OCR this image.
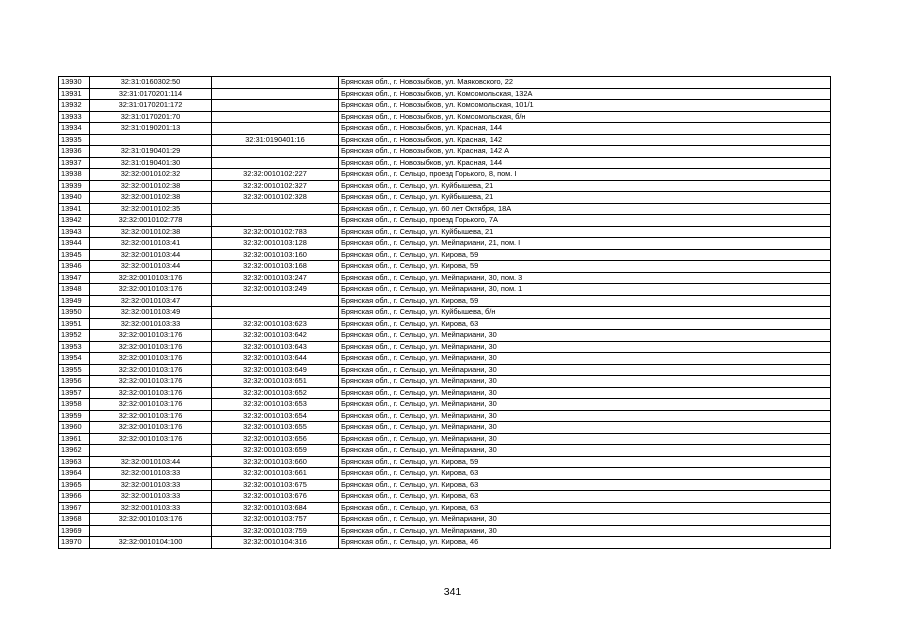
13930	32:31:0160302:50		Брянская обл., г. Новозыбков, ул. Маяковского, 22
13931	32:31:0170201:114		Брянская обл., г. Новозыбков, ул. Комсомольская, 132А
13932	32:31:0170201:172		Брянская обл., г. Новозыбков, ул. Комсомольская, 101/1
13933	32:31:0170201:70		Брянская обл., г. Новозыбков, ул. Комсомольская, б/н
13934	32:31:0190201:13		Брянская обл., г. Новозыбков, ул. Красная, 144
13935		32:31:0190401:16	Брянская обл., г. Новозыбков, ул. Красная, 142
13936	32:31:0190401:29		Брянская обл., г. Новозыбков, ул. Красная, 142 А
13937	32:31:0190401:30		Брянская обл., г. Новозыбков, ул. Красная, 144
13938	32:32:0010102:32	32:32:0010102:227	Брянская обл., г. Сельцо, проезд Горького, 8, пом. I
13939	32:32:0010102:38	32:32:0010102:327	Брянская обл., г. Сельцо, ул. Куйбышева, 21
13940	32:32:0010102:38	32:32:0010102:328	Брянская обл., г. Сельцо, ул. Куйбышева, 21
13941	32:32:0010102:35		Брянская обл., г. Сельцо, ул. 60 лет Октября, 18А
13942	32:32:0010102:778		Брянская обл., г. Сельцо, проезд Горького, 7А
13943	32:32:0010102:38	32:32:0010102:783	Брянская обл., г. Сельцо, ул. Куйбышева, 21
13944	32:32:0010103:41	32:32:0010103:128	Брянская обл., г. Сельцо, ул. Мейпариани, 21, пом. I
13945	32:32:0010103:44	32:32:0010103:160	Брянская обл., г. Сельцо, ул. Кирова, 59
13946	32:32:0010103:44	32:32:0010103:168	Брянская обл., г. Сельцо, ул. Кирова, 59
13947	32:32:0010103:176	32:32:0010103:247	Брянская обл., г. Сельцо, ул. Мейпариани, 30, пом. 3
13948	32:32:0010103:176	32:32:0010103:249	Брянская обл., г. Сельцо, ул. Мейпариани, 30, пом. 1
13949	32:32:0010103:47		Брянская обл., г. Сельцо, ул. Кирова, 59
13950	32:32:0010103:49		Брянская обл., г. Сельцо, ул. Куйбышева, б/н
13951	32:32:0010103:33	32:32:0010103:623	Брянская обл., г. Сельцо, ул. Кирова, 63
13952	32:32:0010103:176	32:32:0010103:642	Брянская обл., г. Сельцо, ул. Мейпариани, 30
13953	32:32:0010103:176	32:32:0010103:643	Брянская обл., г. Сельцо, ул. Мейпариани, 30
13954	32:32:0010103:176	32:32:0010103:644	Брянская обл., г. Сельцо, ул. Мейпариани, 30
13955	32:32:0010103:176	32:32:0010103:649	Брянская обл., г. Сельцо, ул. Мейпариани, 30
13956	32:32:0010103:176	32:32:0010103:651	Брянская обл., г. Сельцо, ул. Мейпариани, 30
13957	32:32:0010103:176	32:32:0010103:652	Брянская обл., г. Сельцо, ул. Мейпариани, 30
13958	32:32:0010103:176	32:32:0010103:653	Брянская обл., г. Сельцо, ул. Мейпариани, 30
13959	32:32:0010103:176	32:32:0010103:654	Брянская обл., г. Сельцо, ул. Мейпариани, 30
13960	32:32:0010103:176	32:32:0010103:655	Брянская обл., г. Сельцо, ул. Мейпариани, 30
13961	32:32:0010103:176	32:32:0010103:656	Брянская обл., г. Сельцо, ул. Мейпариани, 30
13962		32:32:0010103:659	Брянская обл., г. Сельцо, ул. Мейпариани, 30
13963	32:32:0010103:44	32:32:0010103:660	Брянская обл., г. Сельцо, ул. Кирова, 59
13964	32:32:0010103:33	32:32:0010103:661	Брянская обл., г. Сельцо, ул. Кирова, 63
13965	32:32:0010103:33	32:32:0010103:675	Брянская обл., г. Сельцо, ул. Кирова, 63
13966	32:32:0010103:33	32:32:0010103:676	Брянская обл., г. Сельцо, ул. Кирова, 63
13967	32:32:0010103:33	32:32:0010103:684	Брянская обл., г. Сельцо, ул. Кирова, 63
13968	32:32:0010103:176	32:32:0010103:757	Брянская обл., г. Сельцо, ул. Мейпариани, 30
13969		32:32:0010103:759	Брянская обл., г. Сельцо, ул. Мейпариани, 30
13970	32:32:0010104:100	32:32:0010104:316	Брянская обл., г. Сельцо, ул. Кирова, 46
341
